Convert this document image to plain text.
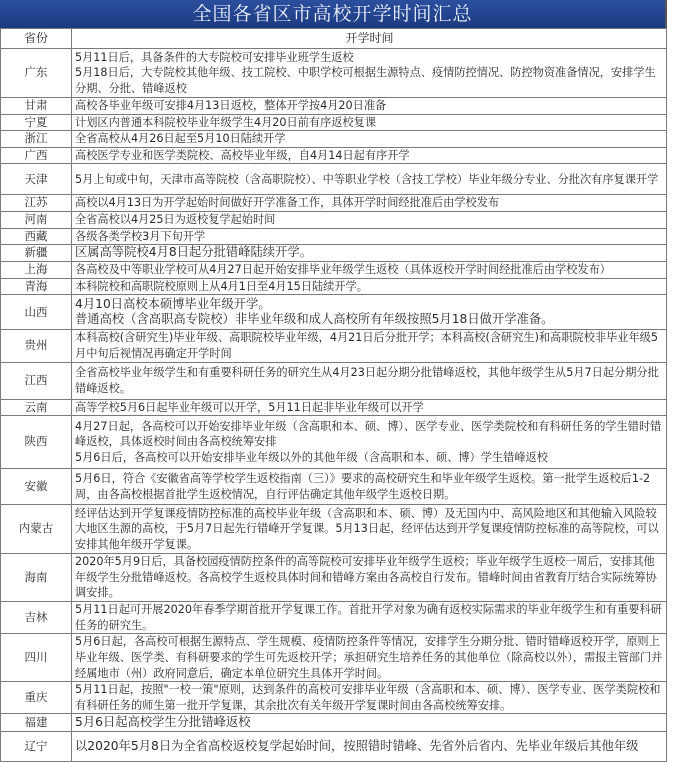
全国各省区市高校开学时间汇总
省份	开学时间
广东	5月11日后，具备条件的大专院校可安排毕业班学生返校
5月18日后，大专院校其他年级、技工院校、中职学校可根据生源特点、疫情防控情况、防控物资准备情况，安排学生分期、分批、错峰返校

甘肃	高校各毕业年级可安排4月13日返校，整体开学按4月20日准备

宁夏	计划区内普通本科院校毕业年级学生4月20日前有序返校复课

浙江	全省高校从4月26日起至5月10日陆续开学

广西	高校医学专业和医学类院校、高校毕业年级，自4月14日起有序开学

天津	5月上旬或中旬，天津市高等院校（含高职院校）、中等职业学校（含技工学校）毕业年级分专业、分批次有序复课开学

江苏	高校以4月13日为开学起始时间做好开学准备工作，具体开学时间经批准后由学校发布

河南	全省高校以4月25日为返校复学起始时间

西藏	各级各类学校3月下旬开学

新疆	区属高等院校4月8日起分批错峰陆续开学。

上海	各高校及中等职业学校可从4月27日起开始安排毕业年级学生返校（具体返校开学时间经批准后由学校发布）

青海	本科院校和高职院校原则上从4月1日至4月15日陆续开学。

山西	4月10日高校本硕博毕业年级开学。
普通高校（含高职高专院校）非毕业年级和成人高校所有年级按照5月18日做开学准备。

贵州	本科高校(含研究生)毕业年级、高职院校毕业年级，4月21日后分批开学；本科高校(含研究生)和高职院校非毕业年级5月中旬后视情况再确定开学时间

江西	全省高校毕业年级学生和有重要科研任务的研究生从4月23日起分期分批错峰返校，其他年级学生从5月7日起分期分批错峰返校。

云南	高等学校5月6日起毕业年级可以开学，5月11日起非毕业年级可以开学

陕西	4月27日起，各高校可以开始安排毕业年级（含高职和本、硕、博）、医学专业、医学类院校和有科研任务的学生错时错峰返校，具体返校时间由各高校统筹安排
5月6日后，各高校可以开始安排毕业年级以外的其他年级（含高职和本、硕、博）学生错峰返校

安徽	5月6日，符合《安徽省高等学校学生返校指南（三）》要求的高校研究生和毕业年级学生返校。第一批学生返校后1-2周，由各高校根据首批学生返校情况，自行评估确定其他年级学生返校日期。

内蒙古	经评估达到开学复课疫情防控标准的高校毕业年级（含高职和本、硕、博）及无国内中、高风险地区和其他输入风险较大地区生源的高校，于5月7日起先行错峰开学复课。5月13日起，经评估达到开学复课疫情防控标准的高等院校，可以安排其他年级开学复课。

海南	2020年5月9日后，具备校园疫情防控条件的高等院校可安排毕业年级学生返校；毕业年级学生返校一周后，安排其他年级学生分批错峰返校。各高校学生返校具体时间和错峰方案由各高校自行发布。错峰时间由省教育厅结合实际统筹协调安排。

吉林	5月11日起可开展2020年春季学期首批开学复课工作。首批开学对象为确有返校实际需求的毕业年级学生和有重要科研任务的研究生。

四川	5月6日起，各高校可根据生源特点、学生规模、疫情防控条件等情况，安排学生分期分批、错时错峰返校开学，原则上毕业年级、医学类、有科研要求的学生可先返校开学；承担研究生培养任务的其他单位（除高校以外），需报主管部门并经属地市（州）政府同意后，确定本单位研究生具体开学时间。

重庆	5月11日起，按照"一校一策"原则，达到条件的高校可安排毕业年级（含高职和本、硕、博）、医学专业、医学类院校和有科研任务的师生第一批开学复课，其余批次有关年级开学复课时间由各高校统筹安排。

福建	5月6日起高校学生分批错峰返校

辽宁	以2020年5月8日为全省高校返校复学起始时间，按照错时错峰、先省外后省内、先毕业年级后其他年级
